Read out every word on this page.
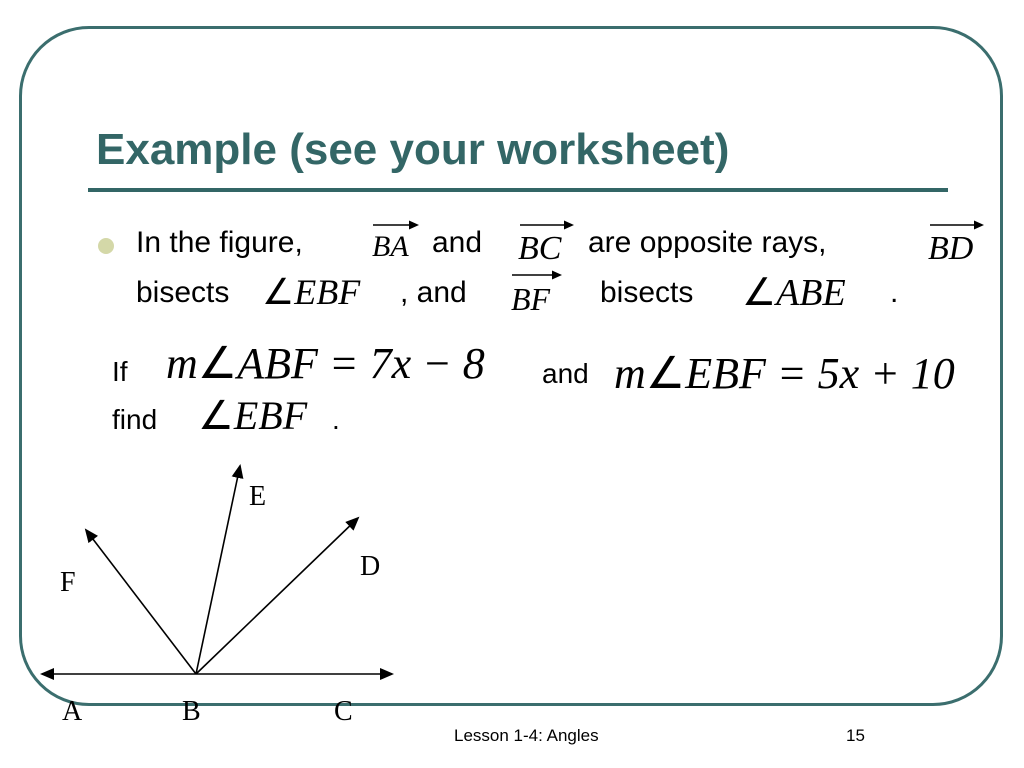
Example (see your worksheet)
In the figure, BA and BC are opposite rays,	BD
bisects ∠EBF , and BF bisects ∠ABE .
If m∠ABF = 7x − 8 and m∠EBF = 5x + 10
find ∠EBF .
E
D
F
A	B	C
Lesson 1-4: Angles	15
